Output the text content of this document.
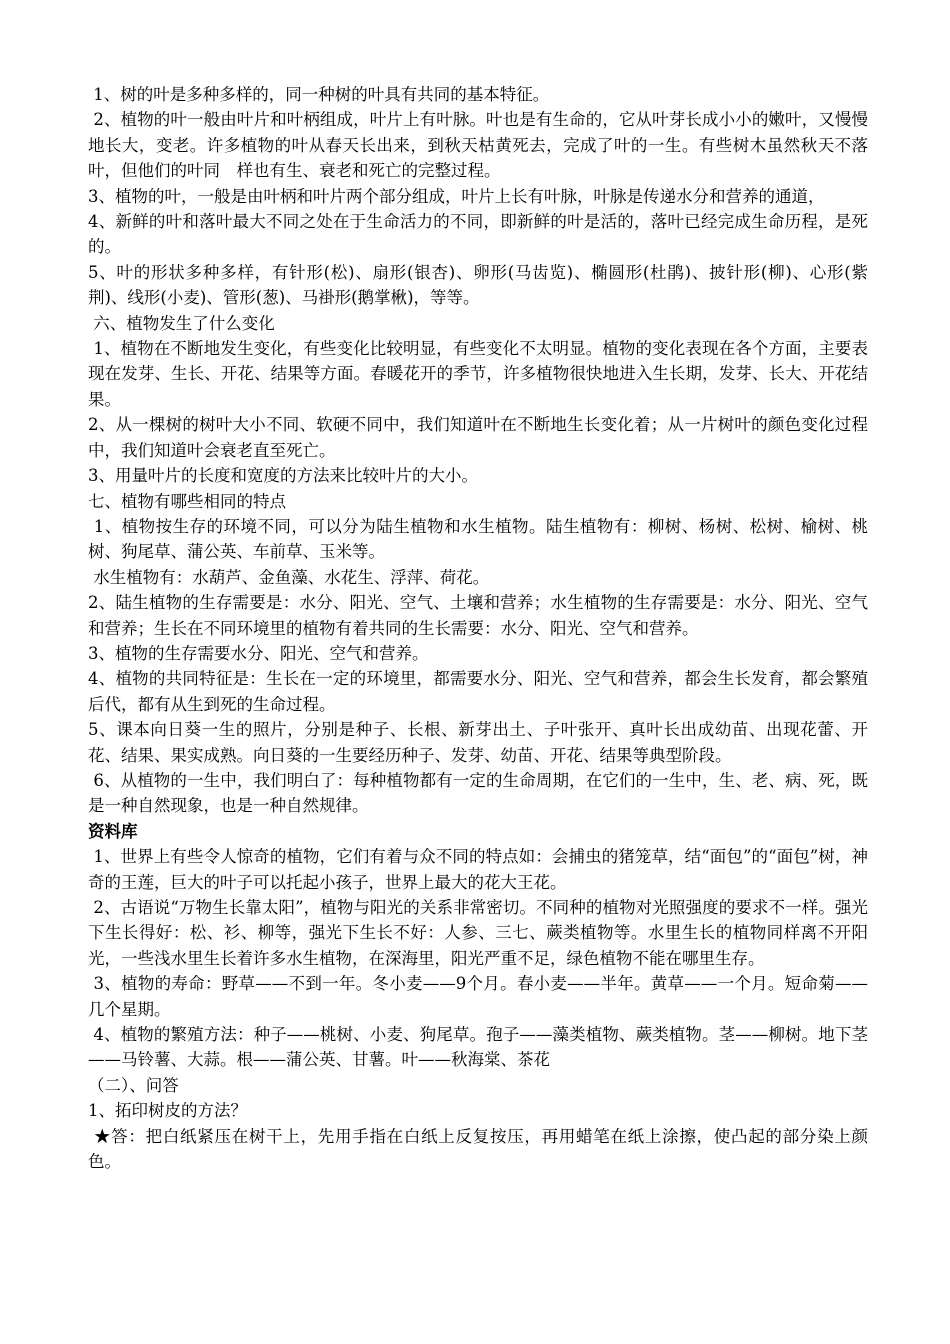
1、树的叶是多种多样的，同一种树的叶具有共同的基本特征。

2、植物的叶一般由叶片和叶柄组成，叶片上有叶脉。叶也是有生命的，它从叶芽长成小小的嫩叶，又慢慢地长大，变老。许多植物的叶从春天长出来，到秋天枯黄死去，完成了叶的一生。有些树木虽然秋天不落叶，但他们的叶同　样也有生、衰老和死亡的完整过程。

3、植物的叶，一般是由叶柄和叶片两个部分组成，叶片上长有叶脉，叶脉是传递水分和营养的通道，

4、新鲜的叶和落叶最大不同之处在于生命活力的不同，即新鲜的叶是活的，落叶已经完成生命历程，是死的。

5、叶的形状多种多样，有针形(松)、扇形(银杏)、卵形(马齿览)、椭圆形(杜鹃)、披针形(柳)、心形(紫荆)、线形(小麦)、管形(葱)、马褂形(鹅掌楸)，等等。

六、植物发生了什么变化

1、植物在不断地发生变化，有些变化比较明显，有些变化不太明显。植物的变化表现在各个方面，主要表现在发芽、生长、开花、结果等方面。春暖花开的季节，许多植物很快地进入生长期，发芽、长大、开花结果。

2、从一棵树的树叶大小不同、软硬不同中，我们知道叶在不断地生长变化着；从一片树叶的颜色变化过程中，我们知道叶会衰老直至死亡。

3、用量叶片的长度和宽度的方法来比较叶片的大小。

七、植物有哪些相同的特点

1、植物按生存的环境不同，可以分为陆生植物和水生植物。陆生植物有：柳树、杨树、松树、榆树、桃树、狗尾草、蒲公英、车前草、玉米等。

水生植物有：水葫芦、金鱼藻、水花生、浮萍、荷花。

2、陆生植物的生存需要是：水分、阳光、空气、土壤和营养；水生植物的生存需要是：水分、阳光、空气和营养；生长在不同环境里的植物有着共同的生长需要：水分、阳光、空气和营养。

3、植物的生存需要水分、阳光、空气和营养。

4、植物的共同特征是：生长在一定的环境里，都需要水分、阳光、空气和营养，都会生长发育，都会繁殖后代，都有从生到死的生命过程。

5、课本向日葵一生的照片，分别是种子、长根、新芽出土、子叶张开、真叶长出成幼苗、出现花蕾、开花、结果、果实成熟。向日葵的一生要经历种子、发芽、幼苗、开花、结果等典型阶段。

6、从植物的一生中，我们明白了：每种植物都有一定的生命周期，在它们的一生中，生、老、病、死，既是一种自然现象，也是一种自然规律。

资料库

1、世界上有些令人惊奇的植物，它们有着与众不同的特点如：会捕虫的猪笼草，结“面包”的“面包”树，神奇的王莲，巨大的叶子可以托起小孩子，世界上最大的花大王花。

2、古语说“万物生长靠太阳”，植物与阳光的关系非常密切。不同种的植物对光照强度的要求不一样。强光下生长得好：松、衫、柳等，强光下生长不好：人参、三七、蕨类植物等。水里生长的植物同样离不开阳光，一些浅水里生长着许多水生植物，在深海里，阳光严重不足，绿色植物不能在哪里生存。

3、植物的寿命：野草——不到一年。冬小麦——9个月。春小麦——半年。黄草——一个月。短命菊——几个星期。

4、植物的繁殖方法：种子——桃树、小麦、狗尾草。孢子——藻类植物、蕨类植物。茎——柳树。地下茎——马铃薯、大蒜。根——蒲公英、甘薯。叶——秋海棠、茶花

（二）、问答

1、拓印树皮的方法？

★答：把白纸紧压在树干上，先用手指在白纸上反复按压，再用蜡笔在纸上涂擦，使凸起的部分染上颜色。
